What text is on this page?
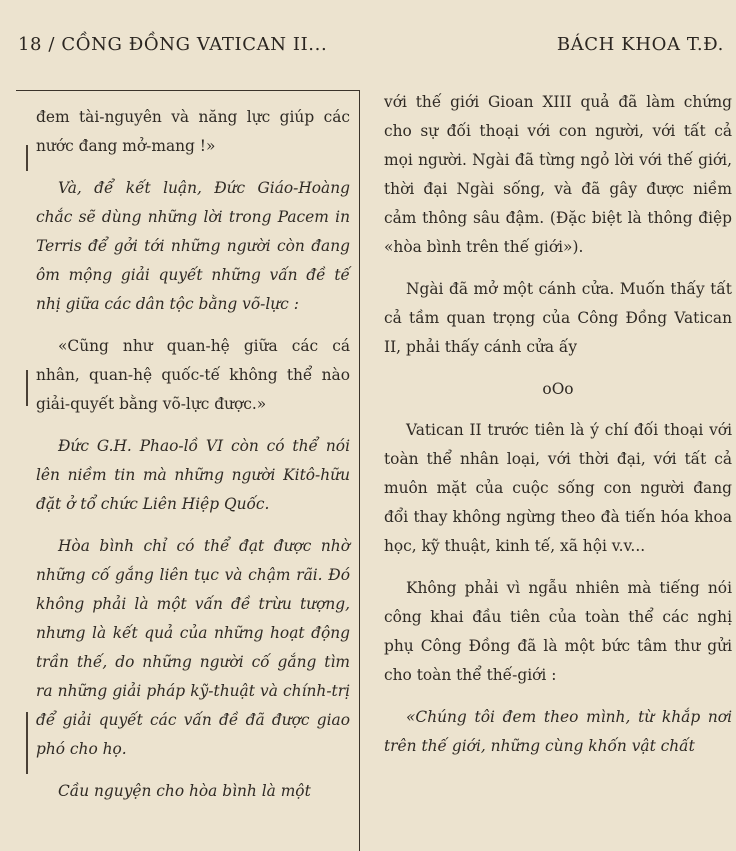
18 / CỒNG ĐỒNG VATICAN II...	BÁCH KHOA T.Đ.

đem tài-nguyên và năng lực giúp các nước đang mở-mang !»

Và, để kết luận, Đức Giáo-Hoàng chắc sẽ dùng những lời trong Pacem in Terris để gởi tới những người còn đang ôm mộng giải quyết những vấn đề tế nhị giữa các dân tộc bằng võ-lực :

«Cũng như quan-hệ giữa các cá nhân, quan-hệ quốc-tế không thể nào giải-quyết bằng võ-lực được.»

Đức G.H. Phao-lồ VI còn có thể nói lên niềm tin mà những người Kitô-hữu đặt ở tổ chức Liên Hiệp Quốc.

Hòa bình chỉ có thể đạt được nhờ những cố gắng liên tục và chậm rãi. Đó không phải là một vấn đề trừu tượng, nhưng là kết quả của những hoạt động trần thế, do những người cố gắng tìm ra những giải pháp kỹ-thuật và chính-trị để giải quyết các vấn đề đã được giao phó cho họ.

Cầu nguyện cho hòa bình là một

với thế giới Gioan XIII quả đã làm chứng cho sự đối thoại với con người, với tất cả mọi người. Ngài đã từng ngỏ lời với thế giới, thời đại Ngài sống, và đã gây được niềm cảm thông sâu đậm. (Đặc biệt là thông điệp «hòa bình trên thế giới»).

Ngài đã mở một cánh cửa. Muốn thấy tất cả tầm quan trọng của Công Đồng Vatican II, phải thấy cánh cửa ấy

oOo

Vatican II trước tiên là ý chí đối thoại với toàn thể nhân loại, với thời đại, với tất cả muôn mặt của cuộc sống con người đang đổi thay không ngừng theo đà tiến hóa khoa học, kỹ thuật, kinh tế, xã hội v.v...

Không phải vì ngẫu nhiên mà tiếng nói công khai đầu tiên của toàn thể các nghị phụ Công Đồng đã là một bức tâm thư gửi cho toàn thể thế-giới :

«Chúng tôi đem theo mình, từ khắp nơi trên thế giới, những cùng khốn vật chất
